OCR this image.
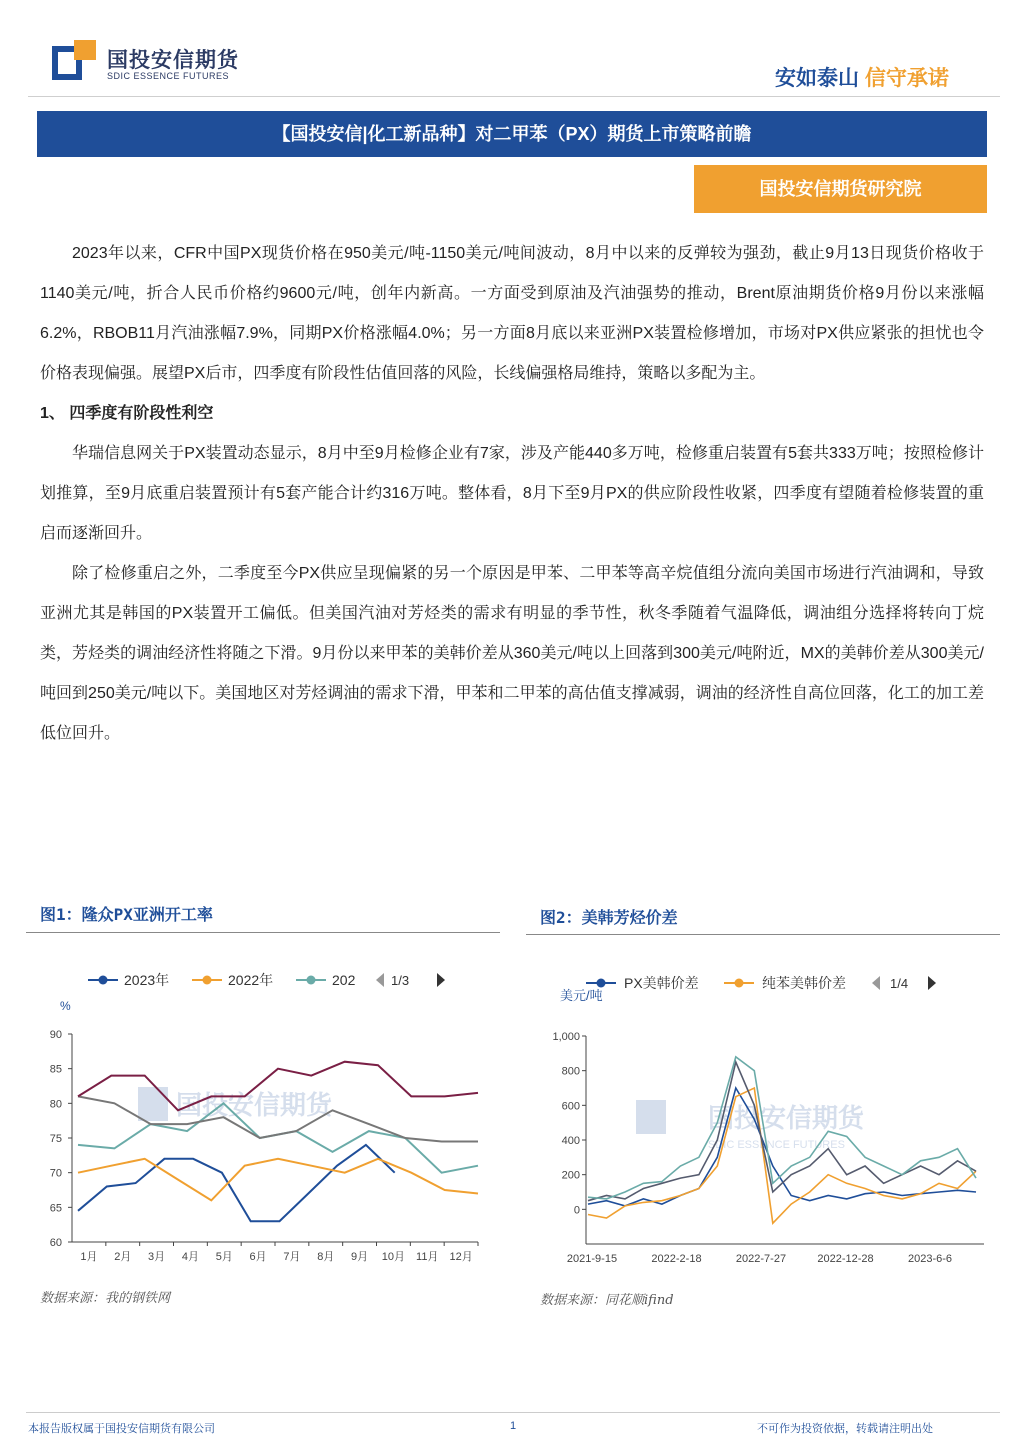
国投安信期货
SDIC ESSENCE FUTURES	安如泰山 信守承诺
【国投安信|化工新品种】对二甲苯（PX）期货上市策略前瞻
国投安信期货研究院

2023年以来，CFR中国PX现货价格在950美元/吨-1150美元/吨间波动，8月中以来的反弹较为强劲，截止9月13日现货价格收于1140美元/吨，折合人民币价格约9600元/吨，创年内新高。一方面受到原油及汽油强势的推动，Brent原油期货价格9月份以来涨幅6.2%，RBOB11月汽油涨幅7.9%，同期PX价格涨幅4.0%；另一方面8月底以来亚洲PX装置检修增加，市场对PX供应紧张的担忧也令价格表现偏强。展望PX后市，四季度有阶段性估值回落的风险，长线偏强格局维持，策略以多配为主。

1、 四季度有阶段性利空

华瑞信息网关于PX装置动态显示，8月中至9月检修企业有7家，涉及产能440多万吨，检修重启装置有5套共333万吨；按照检修计划推算，至9月底重启装置预计有5套产能合计约316万吨。整体看，8月下至9月PX的供应阶段性收紧，四季度有望随着检修装置的重启而逐渐回升。

除了检修重启之外，二季度至今PX供应呈现偏紧的另一个原因是甲苯、二甲苯等高辛烷值组分流向美国市场进行汽油调和，导致亚洲尤其是韩国的PX装置开工偏低。但美国汽油对芳烃类的需求有明显的季节性，秋冬季随着气温降低，调油组分选择将转向丁烷类，芳烃类的调油经济性将随之下滑。9月份以来甲苯的美韩价差从360美元/吨以上回落到300美元/吨附近，MX的美韩价差从300美元/吨回到250美元/吨以下。美国地区对芳烃调油的需求下滑，甲苯和二甲苯的高估值支撑减弱，调油的经济性自高位回落，化工的加工差低位回升。

图1：隆众PX亚洲开工率
2023年	2022年	202	1/3
%
国投安信期货
60
65
70
75
80
85
90
1月 2月 3月 4月 5月 6月 7月 8月 9月 10月 11月 12月
数据来源：我的钢铁网
图2：美韩芳烃价差
PX美韩价差	纯苯美韩价差	1/4
美元/吨
国投安信期货
SDIC ESSENCE FUTURES
0
200
400
600
800
1,000
2021-9-15	2022-2-18	2022-7-27	2022-12-28	2023-6-6
数据来源：同花顺ifind
本报告版权属于国投安信期货有限公司	1	不可作为投资依据，转载请注明出处
